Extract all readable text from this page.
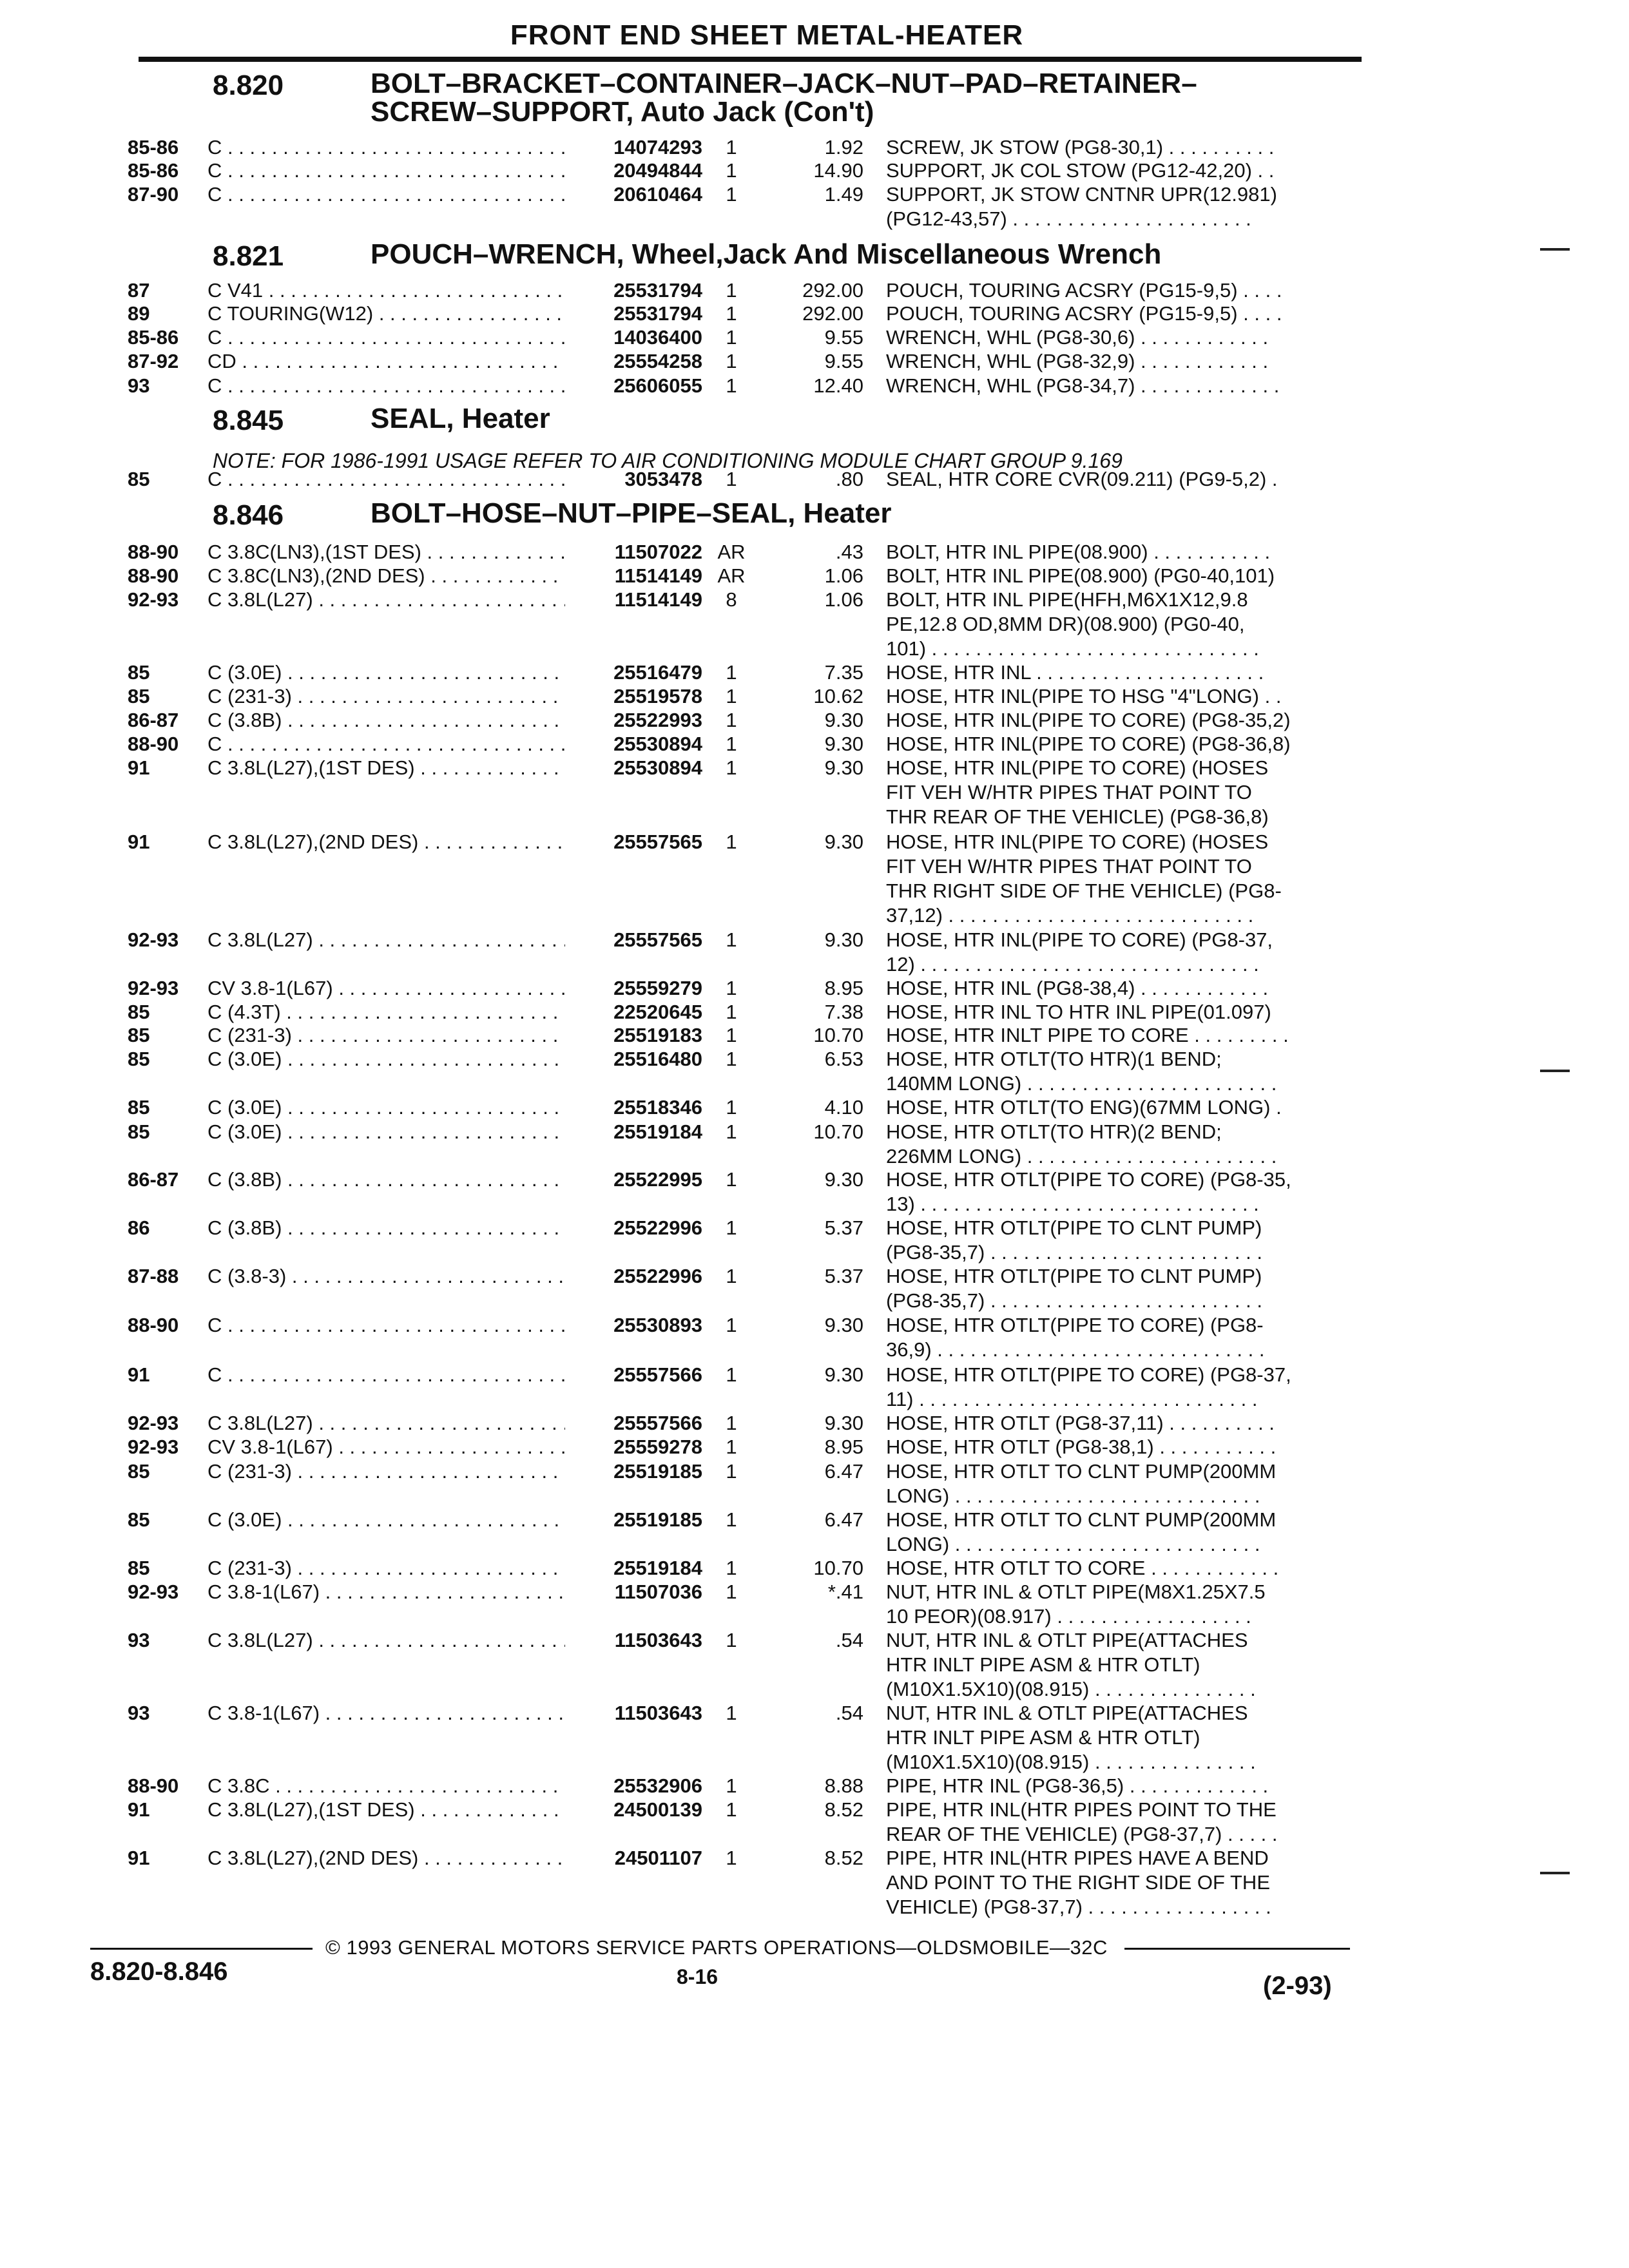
FRONT END SHEET METAL-HEATER
8.820	BOLT–BRACKET–CONTAINER–JACK–NUT–PAD–RETAINER–
SCREW–SUPPORT, Auto Jack (Con't)
8.821	POUCH–WRENCH, Wheel,Jack And Miscellaneous Wrench
8.845	SEAL, Heater
NOTE: FOR 1986-1991 USAGE REFER TO AIR CONDITIONING MODULE CHART GROUP 9.169
8.846	BOLT–HOSE–NUT–PIPE–SEAL, Heater
85-86 C . . .	14074293	1	1.92 SCREW, JK STOW (PG8-30,1) . . . . . . . . . .
85-86 C . . .	20494844	1	14.90 SUPPORT, JK COL STOW (PG12-42,20) . .
87-90 C . . .	20610464	1	1.49 SUPPORT, JK STOW CNTNR UPR(12.981)
(PG12-43,57) . . . . . . . . . . . . . . . . . . . . . .
87	C V41 . . .	25531794	1	292.00 POUCH, TOURING ACSRY (PG15-9,5) . . . .
89	C TOURING(W12) . . .	25531794	1	292.00 POUCH, TOURING ACSRY (PG15-9,5) . . . .
85-86 C . . .	14036400	1	9.55 WRENCH, WHL (PG8-30,6) . . . . . . . . . . . .
87-92 CD . . .	25554258	1	9.55 WRENCH, WHL (PG8-32,9) . . . . . . . . . . . .
93	C . . .	25606055	1	12.40 WRENCH, WHL (PG8-34,7) . . . . . . . . . . . . .
85	C . . .	3053478	1	.80 SEAL, HTR CORE CVR(09.211) (PG9-5,2) .
88-90 C 3.8C(LN3),(1ST DES) . . .	11507022 AR	.43 BOLT, HTR INL PIPE(08.900) . . . . . . . . . . .
88-90 C 3.8C(LN3),(2ND DES) . . .	11514149 AR	1.06 BOLT, HTR INL PIPE(08.900) (PG0-40,101)
92-93 C 3.8L(L27) . . .	11514149	8	1.06 BOLT, HTR INL PIPE(HFH,M6X1X12,9.8
PE,12.8 OD,8MM DR)(08.900) (PG0-40,
101) . . . . . . . . . . . . . . . . . . . . . . . . . . . . . .
85	C (3.0E) . . .	25516479	1	7.35 HOSE, HTR INL . . . . . . . . . . . . . . . . . . . . .
85	C (231-3) . . .	25519578	1	10.62 HOSE, HTR INL(PIPE TO HSG "4"LONG) . .
86-87 C (3.8B) . . .	25522993	1	9.30 HOSE, HTR INL(PIPE TO CORE) (PG8-35,2)
88-90 C . . .	25530894	1	9.30 HOSE, HTR INL(PIPE TO CORE) (PG8-36,8)
91	C 3.8L(L27),(1ST DES) . . .	25530894	1	9.30 HOSE, HTR INL(PIPE TO CORE) (HOSES
FIT VEH W/HTR PIPES THAT POINT TO
THR REAR OF THE VEHICLE) (PG8-36,8)
91	C 3.8L(L27),(2ND DES) . . .	25557565	1	9.30 HOSE, HTR INL(PIPE TO CORE) (HOSES
FIT VEH W/HTR PIPES THAT POINT TO
THR RIGHT SIDE OF THE VEHICLE) (PG8-
37,12) . . . . . . . . . . . . . . . . . . . . . . . . . . . .
92-93 C 3.8L(L27) . . .	25557565	1	9.30 HOSE, HTR INL(PIPE TO CORE) (PG8-37,
12) . . . . . . . . . . . . . . . . . . . . . . . . . . . . . . .
92-93 CV 3.8-1(L67) . . .	25559279	1	8.95 HOSE, HTR INL (PG8-38,4) . . . . . . . . . . . .
85	C (4.3T) . . .	22520645	1	7.38 HOSE, HTR INL TO HTR INL PIPE(01.097)
85	C (231-3) . . .	25519183	1	10.70 HOSE, HTR INLT PIPE TO CORE . . . . . . . . .
85	C (3.0E) . . .	25516480	1	6.53 HOSE, HTR OTLT(TO HTR)(1 BEND;
140MM LONG) . . . . . . . . . . . . . . . . . . . . . . .
85	C (3.0E) . . .	25518346	1	4.10 HOSE, HTR OTLT(TO ENG)(67MM LONG) .
85	C (3.0E) . . .	25519184	1	10.70 HOSE, HTR OTLT(TO HTR)(2 BEND;
226MM LONG) . . . . . . . . . . . . . . . . . . . . . . .
86-87 C (3.8B) . . .	25522995	1	9.30 HOSE, HTR OTLT(PIPE TO CORE) (PG8-35,
13) . . . . . . . . . . . . . . . . . . . . . . . . . . . . . . .
86	C (3.8B) . . .	25522996	1	5.37 HOSE, HTR OTLT(PIPE TO CLNT PUMP)
(PG8-35,7) . . . . . . . . . . . . . . . . . . . . . . . . .
87-88 C (3.8-3) . . .	25522996	1	5.37 HOSE, HTR OTLT(PIPE TO CLNT PUMP)
(PG8-35,7) . . . . . . . . . . . . . . . . . . . . . . . . .
88-90 C . . .	25530893	1	9.30 HOSE, HTR OTLT(PIPE TO CORE) (PG8-
36,9) . . . . . . . . . . . . . . . . . . . . . . . . . . . . . .
91	C . . .	25557566	1	9.30 HOSE, HTR OTLT(PIPE TO CORE) (PG8-37,
11) . . . . . . . . . . . . . . . . . . . . . . . . . . . . . . .
92-93 C 3.8L(L27) . . .	25557566	1	9.30 HOSE, HTR OTLT (PG8-37,11) . . . . . . . . . .
92-93 CV 3.8-1(L67) . . .	25559278	1	8.95 HOSE, HTR OTLT (PG8-38,1) . . . . . . . . . . .
85	C (231-3) . . .	25519185	1	6.47 HOSE, HTR OTLT TO CLNT PUMP(200MM
LONG) . . . . . . . . . . . . . . . . . . . . . . . . . . . .
85	C (3.0E) . . .	25519185	1	6.47 HOSE, HTR OTLT TO CLNT PUMP(200MM
LONG) . . . . . . . . . . . . . . . . . . . . . . . . . . . .
85	C (231-3) . . .	25519184	1	10.70 HOSE, HTR OTLT TO CORE . . . . . . . . . . . .
92-93 C 3.8-1(L67) . . .	11507036	1	*.41 NUT, HTR INL & OTLT PIPE(M8X1.25X7.5
10 PEOR)(08.917) . . . . . . . . . . . . . . . . . .
93	C 3.8L(L27) . . .	11503643	1	.54 NUT, HTR INL & OTLT PIPE(ATTACHES
HTR INLT PIPE ASM & HTR OTLT)
(M10X1.5X10)(08.915) . . . . . . . . . . . . . . .
93	C 3.8-1(L67) . . .	11503643	1	.54 NUT, HTR INL & OTLT PIPE(ATTACHES
HTR INLT PIPE ASM & HTR OTLT)
(M10X1.5X10)(08.915) . . . . . . . . . . . . . . .
88-90 C 3.8C . . .	25532906	1	8.88 PIPE, HTR INL (PG8-36,5) . . . . . . . . . . . . .
91	C 3.8L(L27),(1ST DES) . . .	24500139	1	8.52 PIPE, HTR INL(HTR PIPES POINT TO THE
REAR OF THE VEHICLE) (PG8-37,7) . . . . .
91	C 3.8L(L27),(2ND DES) . . .	24501107	1	8.52 PIPE, HTR INL(HTR PIPES HAVE A BEND
AND POINT TO THE RIGHT SIDE OF THE
VEHICLE) (PG8-37,7) . . . . . . . . . . . . . . . . .
© 1993 GENERAL MOTORS SERVICE PARTS OPERATIONS—OLDSMOBILE—32C
8.820-8.846	8-16	(2-93)
